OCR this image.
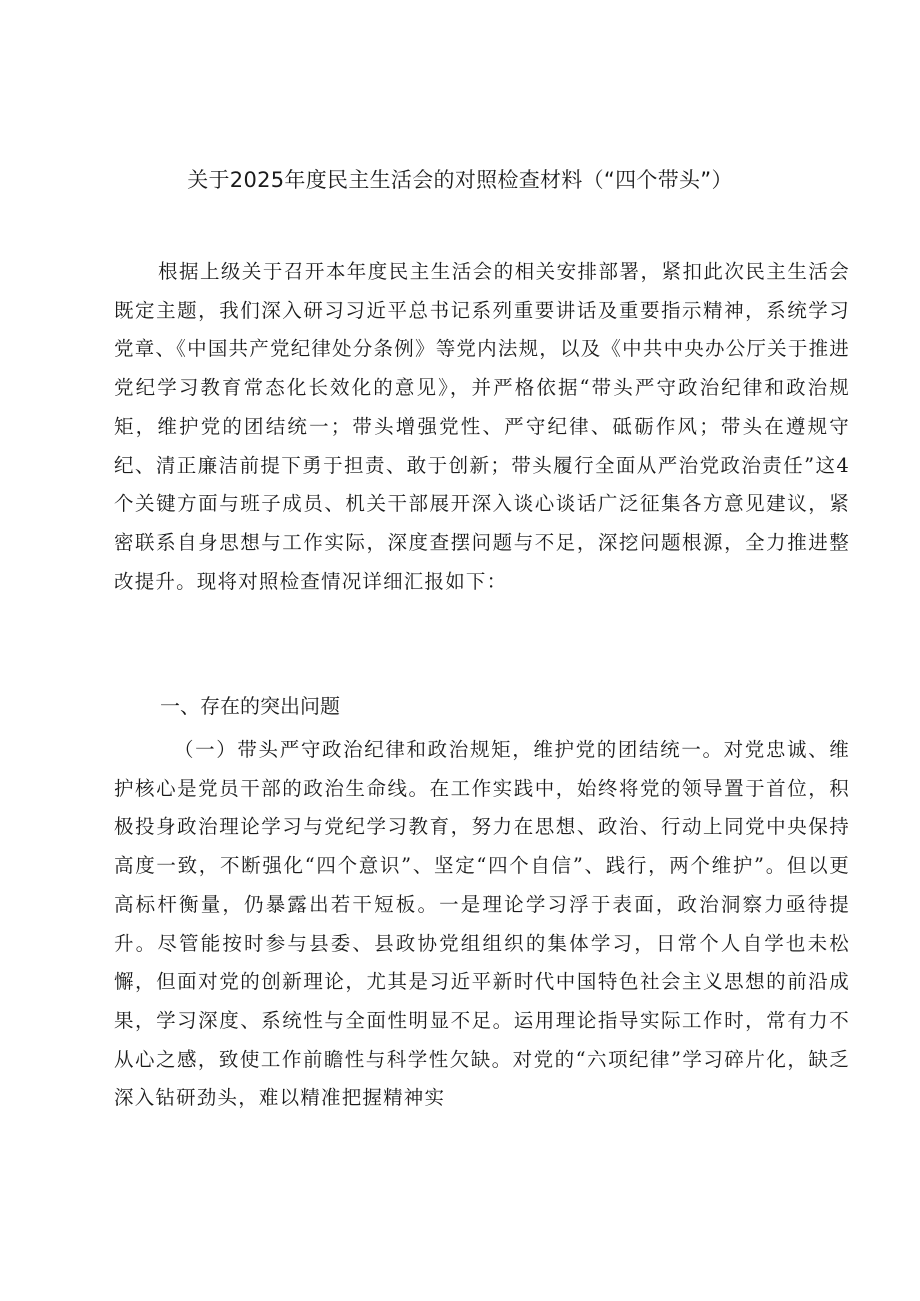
关于2025年度民主生活会的对照检查材料（“四个带头”）

根据上级关于召开本年度民主生活会的相关安排部署，紧扣此次民主生活会既定主题，我们深入研习习近平总书记系列重要讲话及重要指示精神，系统学习党章、《中国共产党纪律处分条例》等党内法规，以及《中共中央办公厅关于推进党纪学习教育常态化长效化的意见》，并严格依据“带头严守政治纪律和政治规矩，维护党的团结统一；带头增强党性、严守纪律、砥砺作风；带头在遵规守纪、清正廉洁前提下勇于担责、敢于创新；带头履行全面从严治党政治责任”这4个关键方面与班子成员、机关干部展开深入谈心谈话广泛征集各方意见建议，紧密联系自身思想与工作实际，深度查摆问题与不足，深挖问题根源，全力推进整改提升。现将对照检查情况详细汇报如下：

一、存在的突出问题

（一）带头严守政治纪律和政治规矩，维护党的团结统一。对党忠诚、维护核心是党员干部的政治生命线。在工作实践中，始终将党的领导置于首位，积极投身政治理论学习与党纪学习教育，努力在思想、政治、行动上同党中央保持高度一致，不断强化“四个意识”、坚定“四个自信”、践行，两个维护”。但以更高标杆衡量，仍暴露出若干短板。一是理论学习浮于表面，政治洞察力亟待提升。尽管能按时参与县委、县政协党组组织的集体学习，日常个人自学也未松懈，但面对党的创新理论，尤其是习近平新时代中国特色社会主义思想的前沿成果，学习深度、系统性与全面性明显不足。运用理论指导实际工作时，常有力不从心之感，致使工作前瞻性与科学性欠缺。对党的“六项纪律”学习碎片化，缺乏深入钻研劲头，难以精准把握精神实
